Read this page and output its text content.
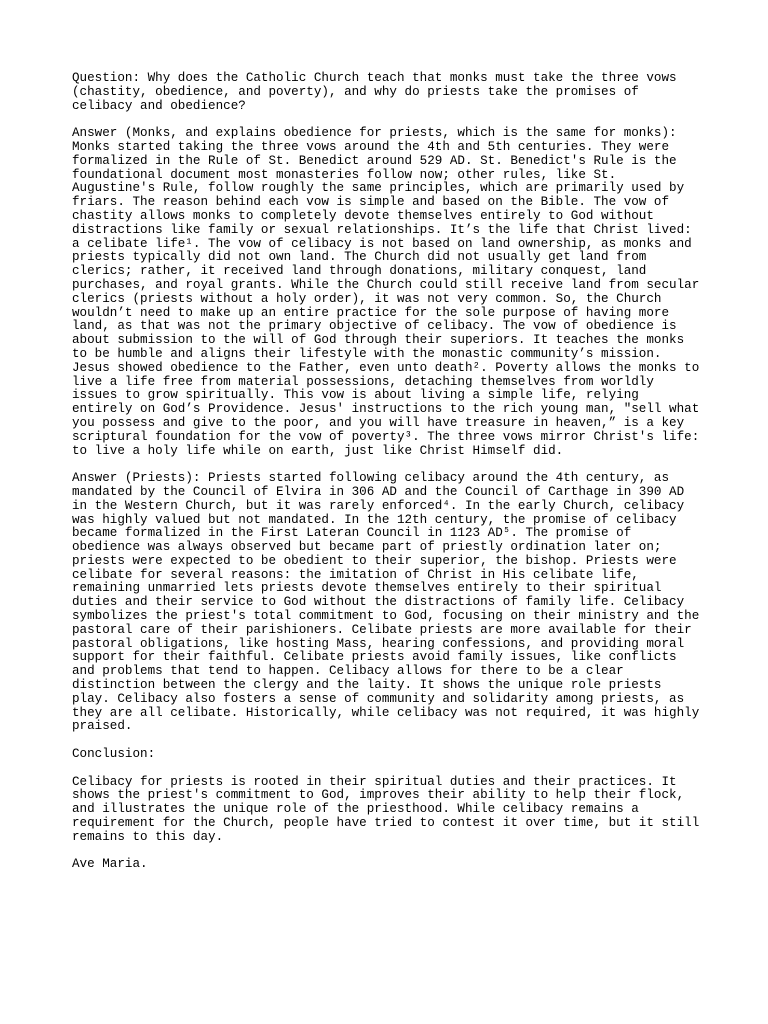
Question: Why does the Catholic Church teach that monks must take the three vows
(chastity, obedience, and poverty), and why do priests take the promises of
celibacy and obedience?
Answer (Monks, and explains obedience for priests, which is the same for monks):
Monks started taking the three vows around the 4th and 5th centuries. They were
formalized in the Rule of St. Benedict around 529 AD. St. Benedict's Rule is the
foundational document most monasteries follow now; other rules, like St.
Augustine's Rule, follow roughly the same principles, which are primarily used by
friars. The reason behind each vow is simple and based on the Bible. The vow of
chastity allows monks to completely devote themselves entirely to God without
distractions like family or sexual relationships. It’s the life that Christ lived:
a celibate life¹. The vow of celibacy is not based on land ownership, as monks and
priests typically did not own land. The Church did not usually get land from
clerics; rather, it received land through donations, military conquest, land
purchases, and royal grants. While the Church could still receive land from secular
clerics (priests without a holy order), it was not very common. So, the Church
wouldn’t need to make up an entire practice for the sole purpose of having more
land, as that was not the primary objective of celibacy. The vow of obedience is
about submission to the will of God through their superiors. It teaches the monks
to be humble and aligns their lifestyle with the monastic community’s mission.
Jesus showed obedience to the Father, even unto death². Poverty allows the monks to
live a life free from material possessions, detaching themselves from worldly
issues to grow spiritually. This vow is about living a simple life, relying
entirely on God’s Providence. Jesus' instructions to the rich young man, "sell what
you possess and give to the poor, and you will have treasure in heaven,” is a key
scriptural foundation for the vow of poverty³. The three vows mirror Christ's life:
to live a holy life while on earth, just like Christ Himself did.
Answer (Priests): Priests started following celibacy around the 4th century, as
mandated by the Council of Elvira in 306 AD and the Council of Carthage in 390 AD
in the Western Church, but it was rarely enforced⁴. In the early Church, celibacy
was highly valued but not mandated. In the 12th century, the promise of celibacy
became formalized in the First Lateran Council in 1123 AD⁵. The promise of
obedience was always observed but became part of priestly ordination later on;
priests were expected to be obedient to their superior, the bishop. Priests were
celibate for several reasons: the imitation of Christ in His celibate life,
remaining unmarried lets priests devote themselves entirely to their spiritual
duties and their service to God without the distractions of family life. Celibacy
symbolizes the priest's total commitment to God, focusing on their ministry and the
pastoral care of their parishioners. Celibate priests are more available for their
pastoral obligations, like hosting Mass, hearing confessions, and providing moral
support for their faithful. Celibate priests avoid family issues, like conflicts
and problems that tend to happen. Celibacy allows for there to be a clear
distinction between the clergy and the laity. It shows the unique role priests
play. Celibacy also fosters a sense of community and solidarity among priests, as
they are all celibate. Historically, while celibacy was not required, it was highly
praised.
Conclusion:
Celibacy for priests is rooted in their spiritual duties and their practices. It
shows the priest's commitment to God, improves their ability to help their flock,
and illustrates the unique role of the priesthood. While celibacy remains a
requirement for the Church, people have tried to contest it over time, but it still
remains to this day.
Ave Maria.
